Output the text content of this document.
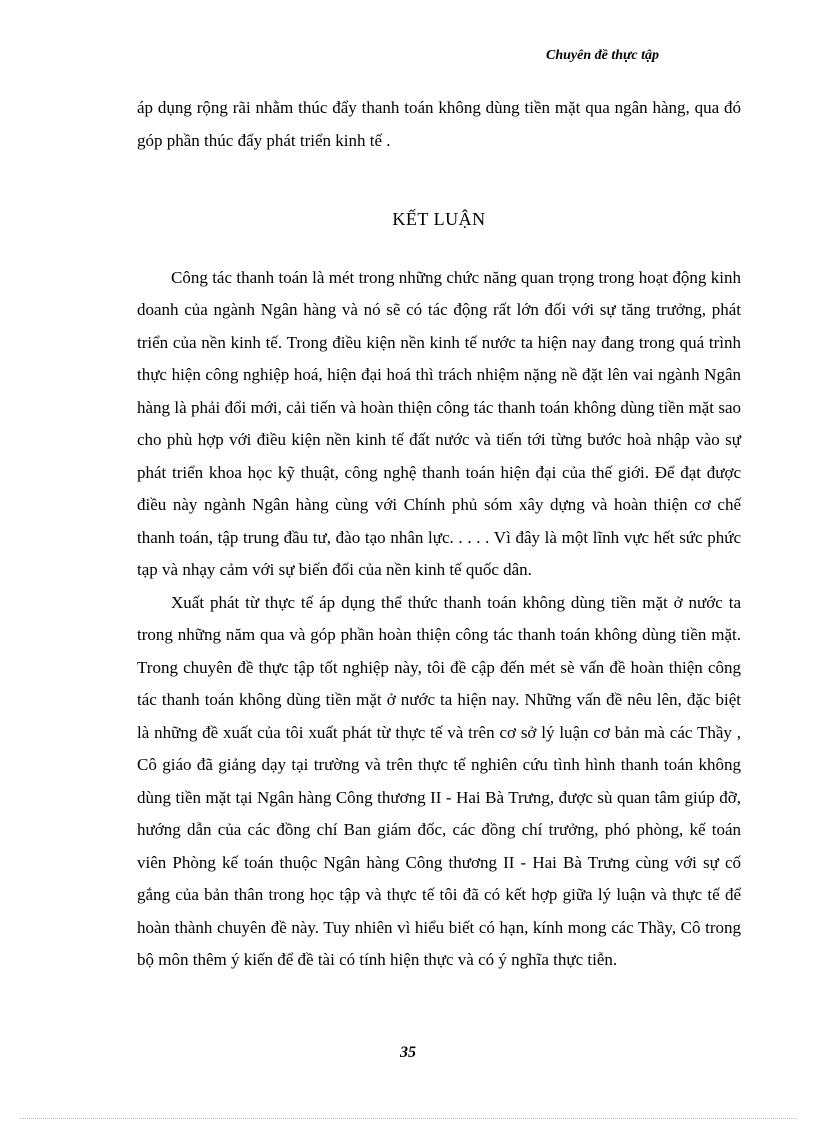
Chuyên đề thực tập

áp dụng rộng rãi nhằm thúc đẩy thanh toán không dùng tiền mặt qua ngân hàng, qua đó góp phần thúc đẩy phát triển kinh tế .

KẾT LUẬN

Công tác thanh toán là mét trong những chức năng quan trọng trong hoạt động kinh doanh của ngành Ngân hàng và nó sẽ có tác động rất lớn đối với sự tăng trưởng, phát triển của nền kinh tế. Trong điều kiện nền kinh tế nước ta hiện nay đang trong quá trình thực hiện công nghiệp hoá, hiện đại hoá thì trách nhiệm nặng nề đặt lên vai ngành Ngân hàng là phải đổi mới, cải tiến và hoàn thiện công tác thanh toán không dùng tiền mặt sao cho phù hợp với điều kiện nền kinh tế đất nước và tiến tới từng bước hoà nhập vào sự phát triển khoa học kỹ thuật, công nghệ thanh toán hiện đại của thế giới. Để đạt được điều này ngành Ngân hàng cùng với Chính phủ sóm xây dựng và hoàn thiện cơ chế thanh toán, tập trung đầu tư, đào tạo nhân lực. . . . . Vì đây là một lĩnh vực hết sức phức tạp và nhạy cảm với sự biến đổi của nền kinh tế quốc dân.

Xuất phát từ thực tế áp dụng thể thức thanh toán không dùng tiền mặt ở nước ta trong những năm qua và góp phần hoàn thiện công tác thanh toán không dùng tiền mặt. Trong chuyên đề thực tập tốt nghiệp này, tôi đề cập đến mét sè vấn đề hoàn thiện công tác thanh toán không dùng tiền mặt ở nước ta hiện nay. Những vấn đề nêu lên, đặc biệt là những đề xuất của tôi xuất phát từ thực tế và trên cơ sở lý luận cơ bản mà các Thầy , Cô giáo đã giảng dạy tại trường và trên thực tế nghiên cứu tình hình thanh toán không dùng tiền mặt tại Ngân hàng Công thương II - Hai Bà Trưng, được sù quan tâm giúp đỡ, hướng dẫn của các đồng chí Ban giám đốc, các đồng chí trưởng, phó phòng, kế toán viên Phòng kế toán thuộc Ngân hàng Công thương II - Hai Bà Trưng cùng với sự cố gắng của bản thân trong học tập và thực tế tôi đã có kết hợp giữa lý luận và thực tế để hoàn thành chuyên đề này. Tuy nhiên vì hiểu biết có hạn, kính mong các Thầy, Cô trong bộ môn thêm ý kiến để đề tài có tính hiện thực và có ý nghĩa thực tiễn.

35
